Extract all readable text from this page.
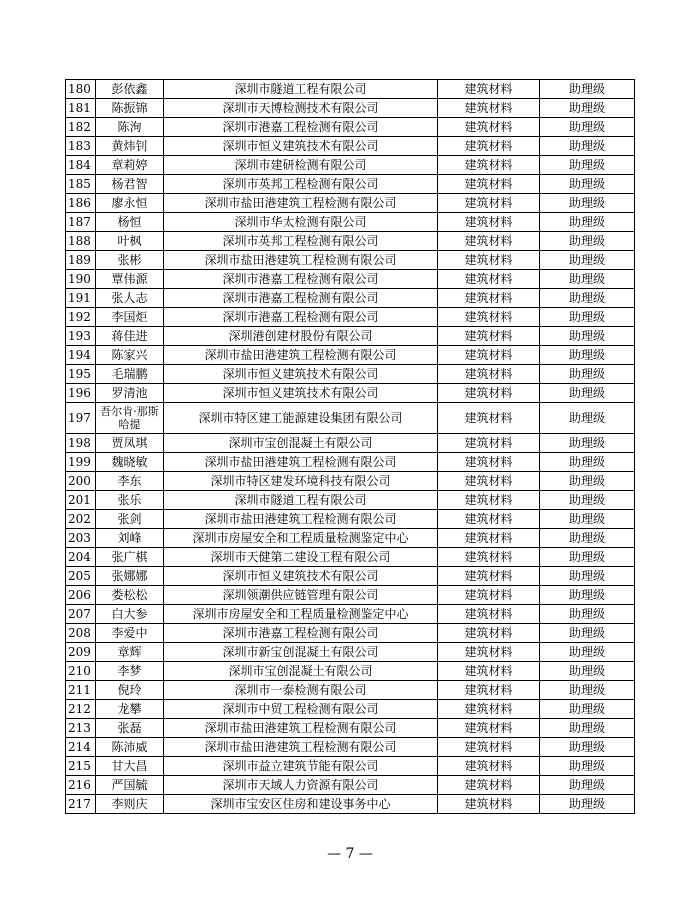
180	彭依鑫	深圳市隧道工程有限公司	建筑材料	助理级
181	陈振锦	深圳市天博检测技术有限公司	建筑材料	助理级
182	陈洵	深圳市港嘉工程检测有限公司	建筑材料	助理级
183	黄炜钊	深圳市恒义建筑技术有限公司	建筑材料	助理级
184	章莉婷	深圳市建研检测有限公司	建筑材料	助理级
185	杨君智	深圳市英邦工程检测有限公司	建筑材料	助理级
186	廖永恒	深圳市盐田港建筑工程检测有限公司	建筑材料	助理级
187	杨恒	深圳市华太检测有限公司	建筑材料	助理级
188	叶枫	深圳市英邦工程检测有限公司	建筑材料	助理级
189	张彬	深圳市盐田港建筑工程检测有限公司	建筑材料	助理级
190	覃伟源	深圳市港嘉工程检测有限公司	建筑材料	助理级
191	张人志	深圳市港嘉工程检测有限公司	建筑材料	助理级
192	李国炬	深圳市港嘉工程检测有限公司	建筑材料	助理级
193	蒋佳进	深圳港创建材股份有限公司	建筑材料	助理级
194	陈家兴	深圳市盐田港建筑工程检测有限公司	建筑材料	助理级
195	毛瑞鹏	深圳市恒义建筑技术有限公司	建筑材料	助理级
196	罗清池	深圳市恒义建筑技术有限公司	建筑材料	助理级
197	吾尔肯·那斯哈提	深圳市特区建工能源建设集团有限公司	建筑材料	助理级
198	贾凤琪	深圳市宝创混凝土有限公司	建筑材料	助理级
199	魏晓敏	深圳市盐田港建筑工程检测有限公司	建筑材料	助理级
200	李东	深圳市特区建发环境科技有限公司	建筑材料	助理级
201	张乐	深圳市隧道工程有限公司	建筑材料	助理级
202	张剑	深圳市盐田港建筑工程检测有限公司	建筑材料	助理级
203	刘峰	深圳市房屋安全和工程质量检测鉴定中心	建筑材料	助理级
204	张广棋	深圳市天健第二建设工程有限公司	建筑材料	助理级
205	张娜娜	深圳市恒义建筑技术有限公司	建筑材料	助理级
206	娄松松	深圳领潮供应链管理有限公司	建筑材料	助理级
207	白大参	深圳市房屋安全和工程质量检测鉴定中心	建筑材料	助理级
208	李爱中	深圳市港嘉工程检测有限公司	建筑材料	助理级
209	章辉	深圳市新宝创混凝土有限公司	建筑材料	助理级
210	李梦	深圳市宝创混凝土有限公司	建筑材料	助理级
211	倪玲	深圳市一泰检测有限公司	建筑材料	助理级
212	龙攀	深圳市中贸工程检测有限公司	建筑材料	助理级
213	张磊	深圳市盐田港建筑工程检测有限公司	建筑材料	助理级
214	陈沛威	深圳市盐田港建筑工程检测有限公司	建筑材料	助理级
215	甘大昌	深圳市益立建筑节能有限公司	建筑材料	助理级
216	严国毓	深圳市天域人力资源有限公司	建筑材料	助理级
217	李则庆	深圳市宝安区住房和建设事务中心	建筑材料	助理级
— 7 —
